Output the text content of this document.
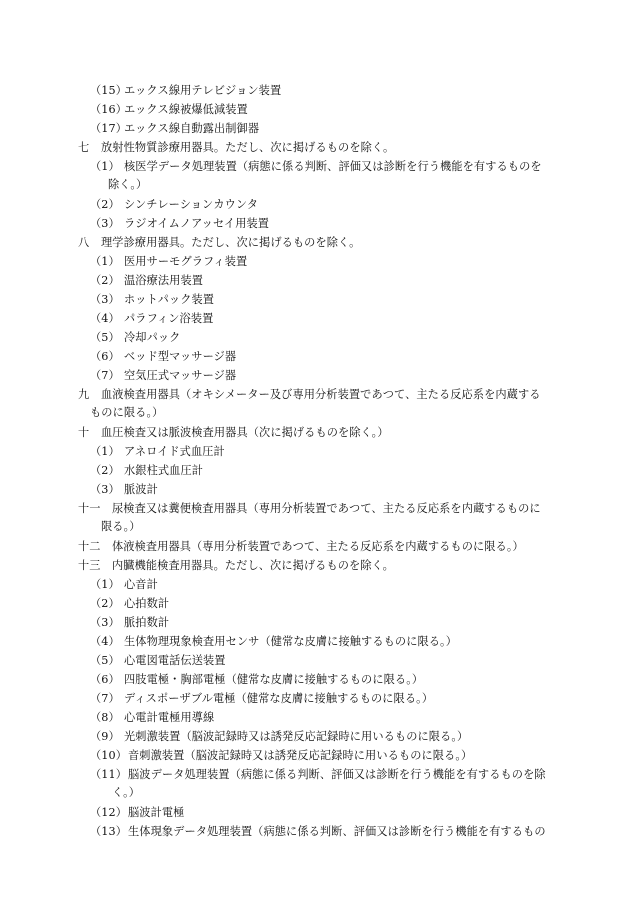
（15）
エックス線用テレビジョン装置
（16）
エックス線被爆低減装置
（17）
エックス線自動露出制御器
七 放射性物質診療用器具。ただし、次に掲げるものを除く。
（1） 核医学データ処理装置（病態に係る判断、評価又は診断を行う機能を有するものを
除く。）
（2） シンチレーションカウンタ
（3） ラジオイムノアッセイ用装置
八 理学診療用器具。ただし、次に掲げるものを除く。
（1） 医用サーモグラフィ装置
（2） 温浴療法用装置
（3） ホットパック装置
（4） パラフィン浴装置
（5） 冷却パック
（6） ベッド型マッサージ器
（7） 空気圧式マッサージ器
九 血液検査用器具（オキシメーター及び専用分析装置であつて、主たる反応系を内蔵する
ものに限る。）
十 血圧検査又は脈波検査用器具（次に掲げるものを除く。）
（1） アネロイド式血圧計
（2） 水銀柱式血圧計
（3） 脈波計
十一 尿検査又は糞便検査用器具（専用分析装置であつて、主たる反応系を内蔵するものに
限る。）
十二 体液検査用器具（専用分析装置であつて、主たる反応系を内蔵するものに限る。）
十三 内臓機能検査用器具。ただし、次に掲げるものを除く。
（1） 心音計
（2） 心拍数計
（3） 脈拍数計
（4） 生体物理現象検査用センサ（健常な皮膚に接触するものに限る。）
（5） 心電図電話伝送装置
（6） 四肢電極・胸部電極（健常な皮膚に接触するものに限る。）
（7） ディスポーザブル電極（健常な皮膚に接触するものに限る。）
（8） 心電計電極用導線
（9） 光刺激装置（脳波記録時又は誘発反応記録時に用いるものに限る。）
（10） 音刺激装置（脳波記録時又は誘発反応記録時に用いるものに限る。）
（11） 脳波データ処理装置（病態に係る判断、評価又は診断を行う機能を有するものを除
く。）
（12） 脳波計電極
（13） 生体現象データ処理装置（病態に係る判断、評価又は診断を行う機能を有するもの
